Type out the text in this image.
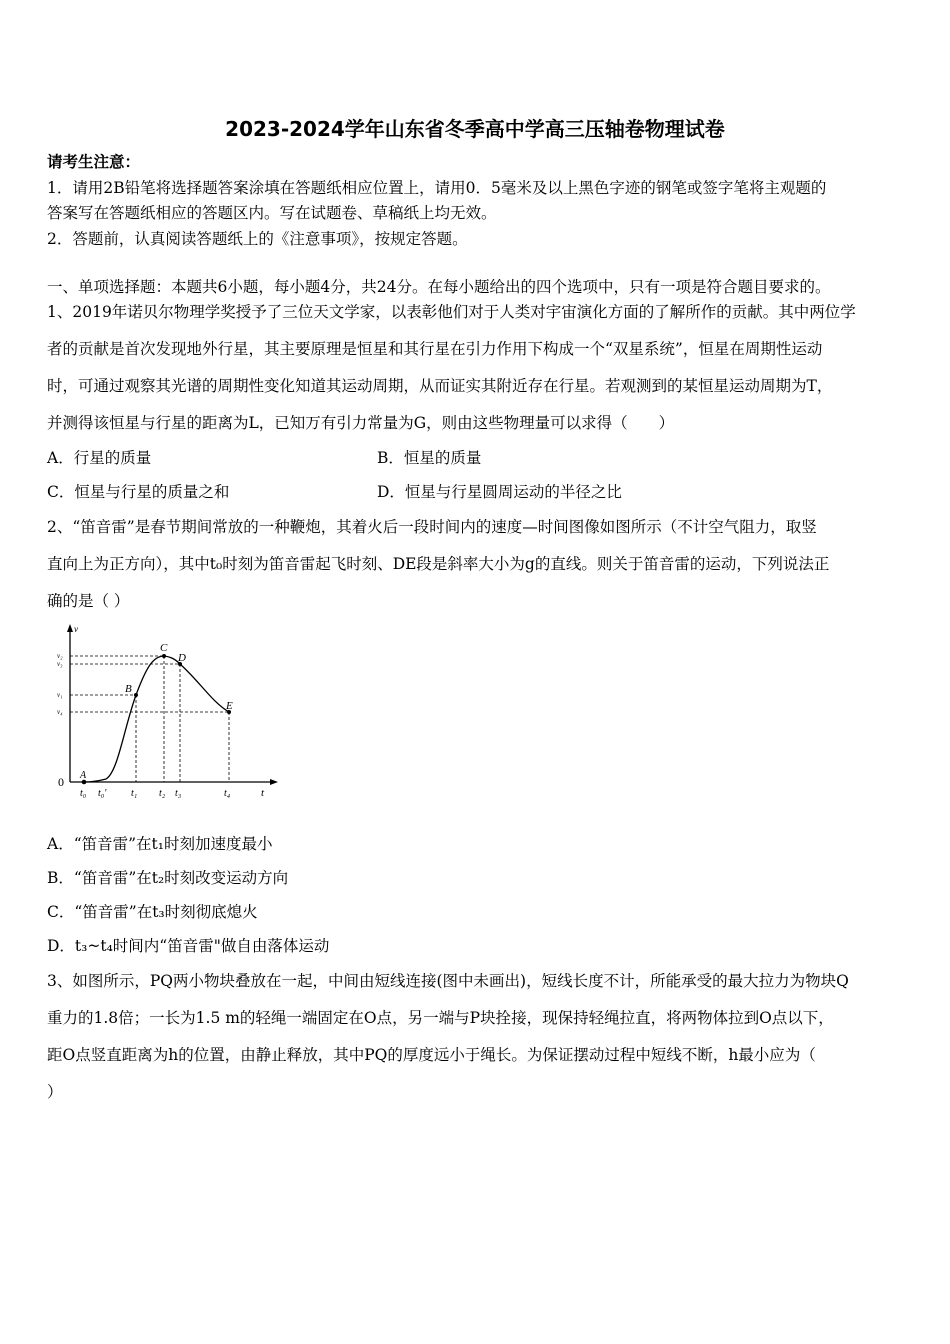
2023-2024学年山东省冬季高中学高三压轴卷物理试卷
请考生注意：
1．请用2B铅笔将选择题答案涂填在答题纸相应位置上，请用0．5毫米及以上黑色字迹的钢笔或签字笔将主观题的
答案写在答题纸相应的答题区内。写在试题卷、草稿纸上均无效。
2．答题前，认真阅读答题纸上的《注意事项》，按规定答题。
一、单项选择题：本题共6小题，每小题4分，共24分。在每小题给出的四个选项中，只有一项是符合题目要求的。
1、2019年诺贝尔物理学奖授予了三位天文学家，以表彰他们对于人类对宇宙演化方面的了解所作的贡献。其中两位学
者的贡献是首次发现地外行星，其主要原理是恒星和其行星在引力作用下构成一个“双星系统”，恒星在周期性运动
时，可通过观察其光谱的周期性变化知道其运动周期，从而证实其附近存在行星。若观测到的某恒星运动周期为T，
并测得该恒星与行星的距离为L，已知万有引力常量为G，则由这些物理量可以求得（　　）
A．行星的质量	B．恒星的质量
C．恒星与行星的质量之和	D．恒星与行星圆周运动的半径之比
2、“笛音雷”是春节期间常放的一种鞭炮，其着火后一段时间内的速度—时间图像如图所示（不计空气阻力，取竖
直向上为正方向），其中t₀时刻为笛音雷起飞时刻、DE段是斜率大小为g的直线。则关于笛音雷的运动，下列说法正
确的是（ ）
v
t
0 A
B
C
D
E
v₂
v₃
v₁
v₄
t₀ t₀' t₁ t₂ t₃	t₄
A．“笛音雷”在t₁时刻加速度最小
B．“笛音雷”在t₂时刻改变运动方向
C．“笛音雷”在t₃时刻彻底熄火
D．t₃~t₄时间内“笛音雷"做自由落体运动
3、如图所示，PQ两小物块叠放在一起，中间由短线连接(图中未画出)，短线长度不计，所能承受的最大拉力为物块Q
重力的1.8倍；一长为1.5 m的轻绳一端固定在O点，另一端与P块拴接，现保持轻绳拉直，将两物体拉到O点以下，
距O点竖直距离为h的位置，由静止释放，其中PQ的厚度远小于绳长。为保证摆动过程中短线不断，h最小应为（
）
